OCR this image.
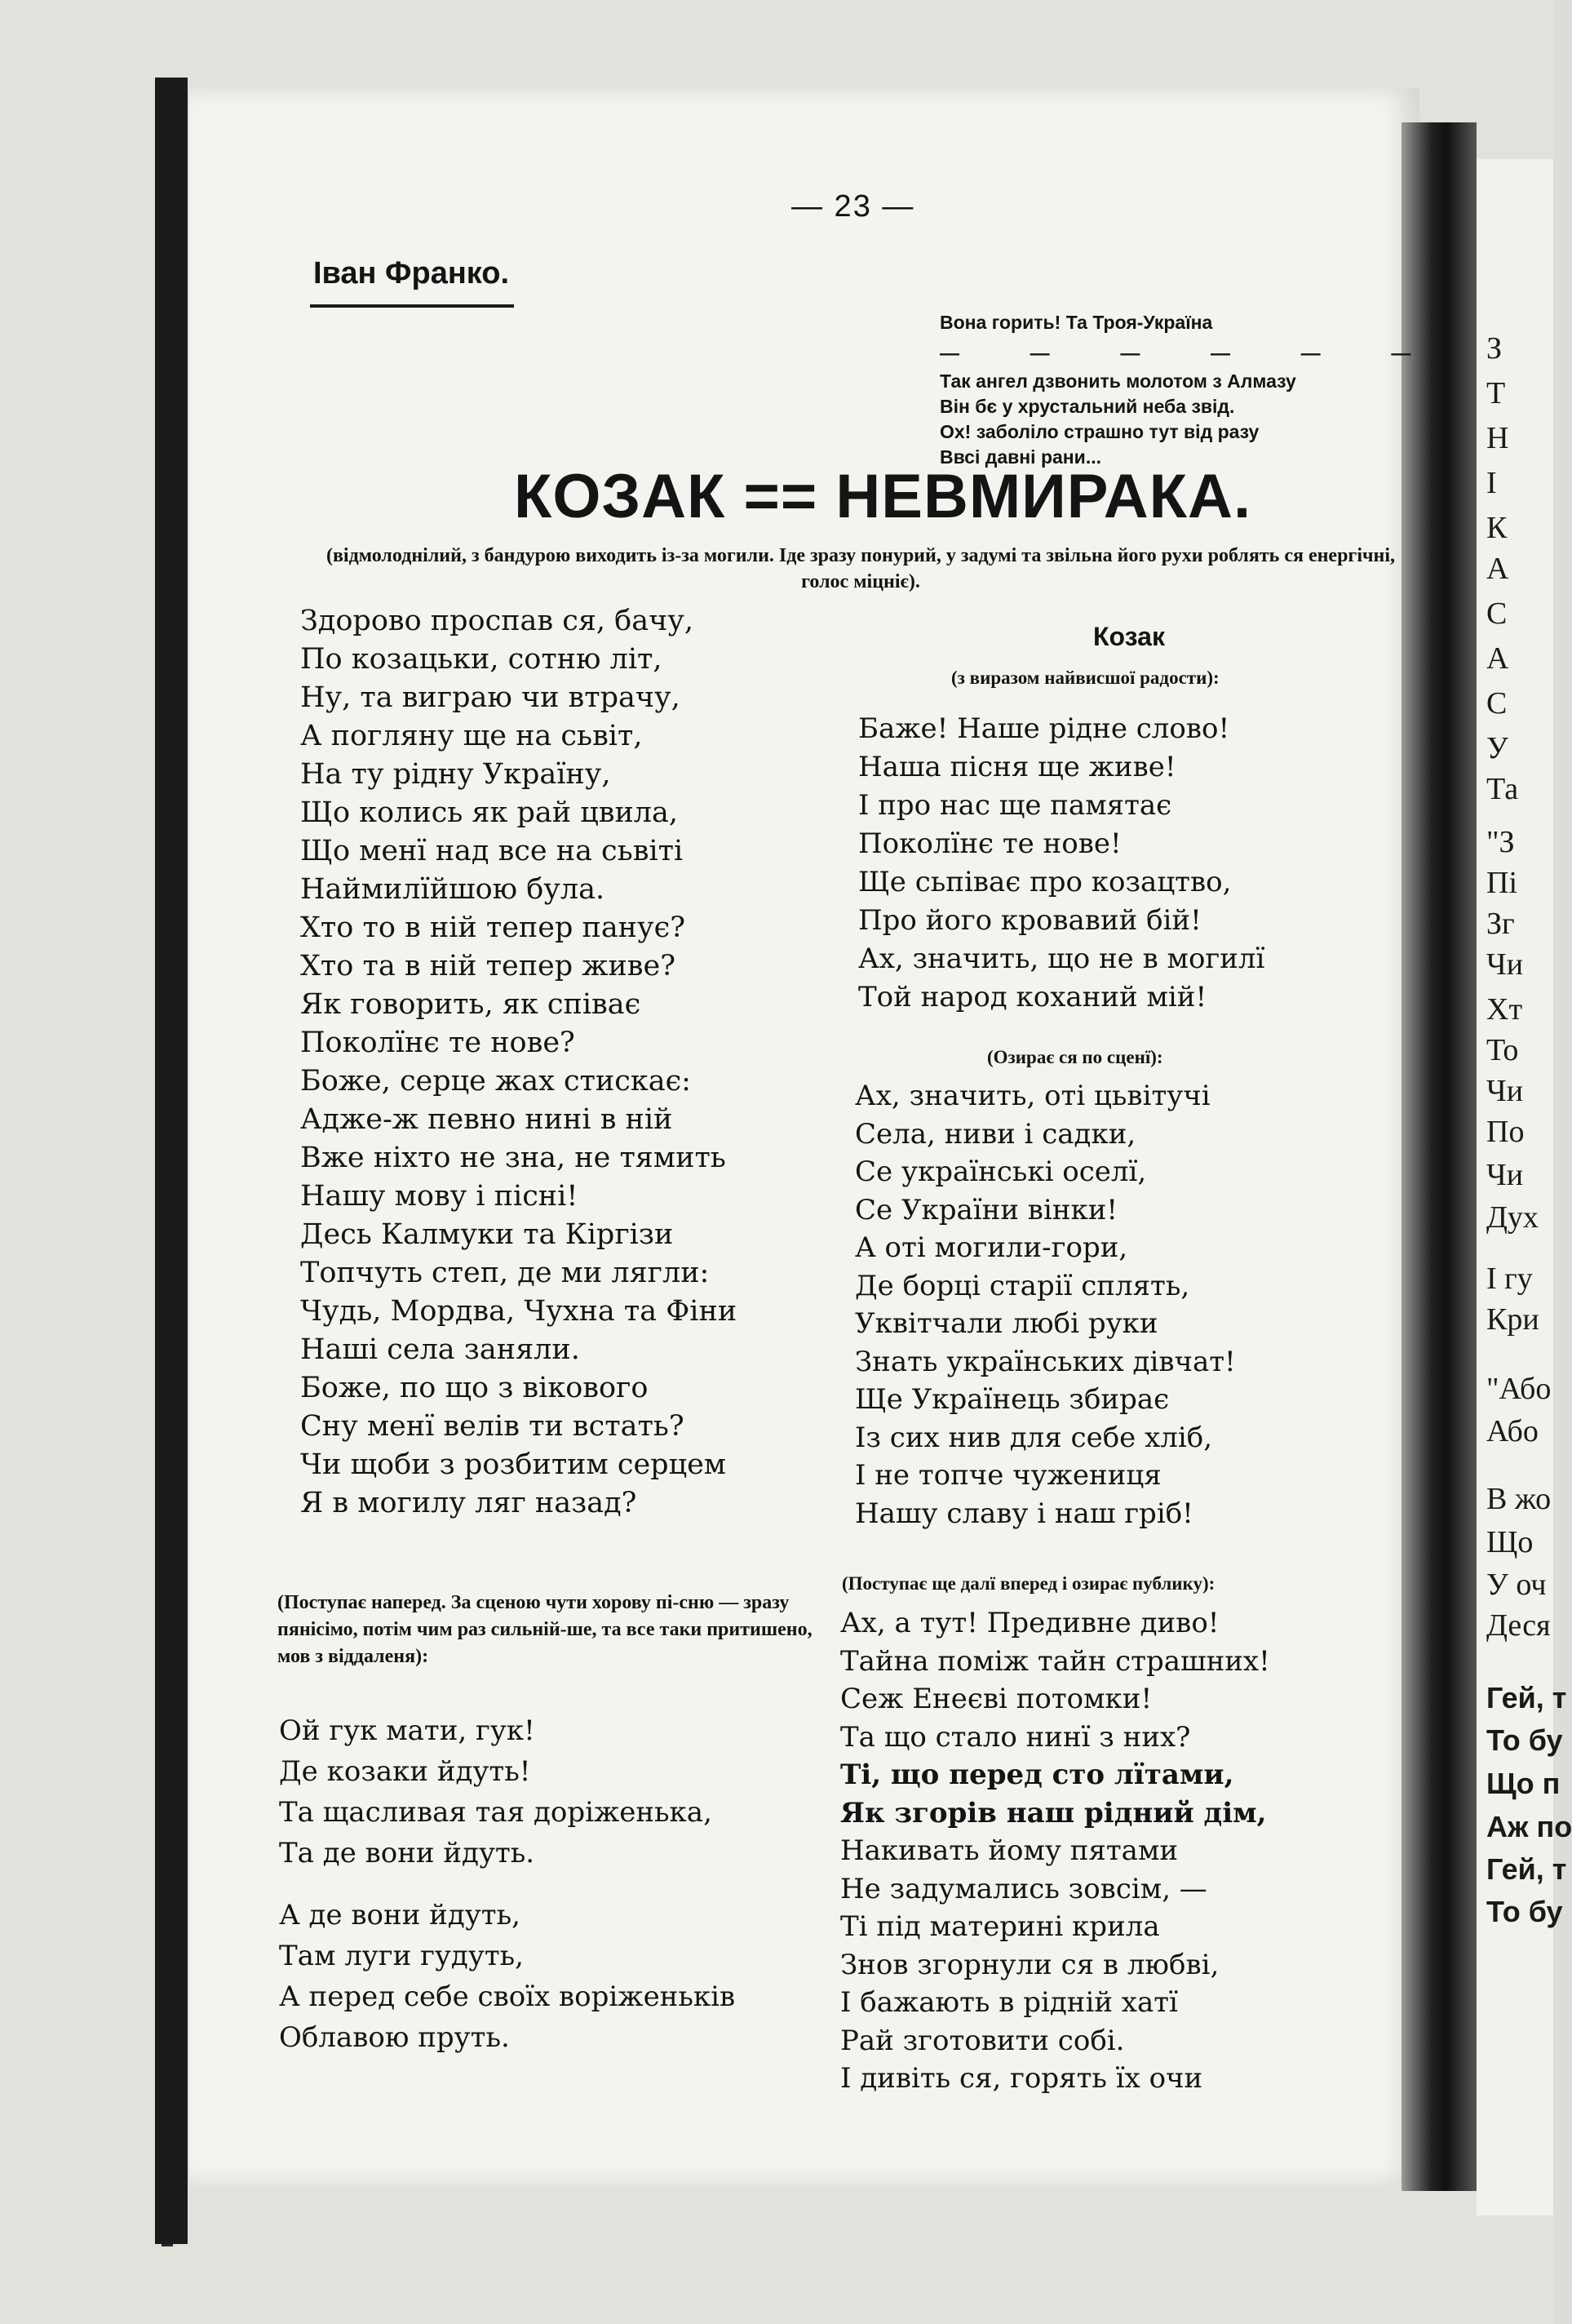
З
Т
Н
І
К
А
С
А
С
У
Та
"З
Пі
Зг
Чи
Хт
То
Чи
По
Чи
Дух
І гу
Кри
"Або
Або
В жо
Що
У оч
Деся
Гей, т
То бу
Що п
Аж по
Гей, т
То бу
— 23 —
Іван Франко.
Вона горить! Та Троя-Україна
— — — — — —
Так ангел дзвонить молотом з Алмазу
Він бє у хрустальний неба звід.
Ох! заболіло страшно тут від разу
Ввсі давні рани...
КОЗАК == НЕВМИРАКА.
(відмолоднілий, з бандурою виходить із-за могили. Іде зразу понурий, у задумі та звільна його рухи роблять ся енергічні, голос міцніє).
Здорово проспав ся, бачу,
По козацьки, сотню літ,
Ну, та виграю чи втрачу,
А погляну ще на сьвіт,
На ту рідну Україну,
Що колись як рай цвила,
Що менї над все на сьвіті
Наймилїйшою була.
Хто то в ній тепер панує?
Хто та в ній тепер живе?
Як говорить, як співає
Поколїнє те нове?
Боже, серце жах стискає:
Адже-ж певно нині в ній
Вже ніхто не зна, не тямить
Нашу мову і пісні!
Десь Калмуки та Кіргізи
Топчуть степ, де ми лягли:
Чудь, Мордва, Чухна та Фіни
Наші села заняли.
Боже, по що з вікового
Сну менї велів ти встать?
Чи щоби з розбитим серцем
Я в могилу ляг назад?
(Поступає наперед. За сценою чути хорову пі-сню — зразу пянісімо, потім чим раз сильній-ше, та все таки притишено, мов з віддаленя):
Ой гук мати, гук!
Де козаки йдуть!
Та щасливая тая доріженька,
Та де вони йдуть.
А де вони йдуть,
Там луги гудуть,
А перед себе своїх воріженьків
Облавою пруть.
Козак
(з виразом найвисшої радости):
Баже! Наше рідне слово!
Наша пісня ще живе!
І про нас ще памятає
Поколїнє те нове!
Ще сьпіває про козацтво,
Про його кровавий бій!
Ах, значить, що не в могилї
Той народ коханий мій!
(Озирає ся по сценї):
Ах, значить, оті цьвітучі
Села, ниви і садки,
Се українські оселї,
Се України вінки!
А оті могили-гори,
Де борці старії сплять,
Уквітчали любі руки
Знать українських дівчат!
Ще Українець збирає
Із сих нив для себе хліб,
І не топче чужениця
Нашу славу і наш гріб!
(Поступає ще далї вперед і озирає публику):
Ах, а тут! Предивне диво!
Тайна поміж тайн страшних!
Сеж Енеєві потомки!
Та що стало нинї з них?
Ті, що перед сто лїтами,
Як згорів наш рідний дім,
Накивать йому пятами
Не задумались зовсім, —
Ті під материні крила
Знов згорнули ся в любві,
І бажають в рідній хатї
Рай зготовити собі.
І дивіть ся, горять їх очи
